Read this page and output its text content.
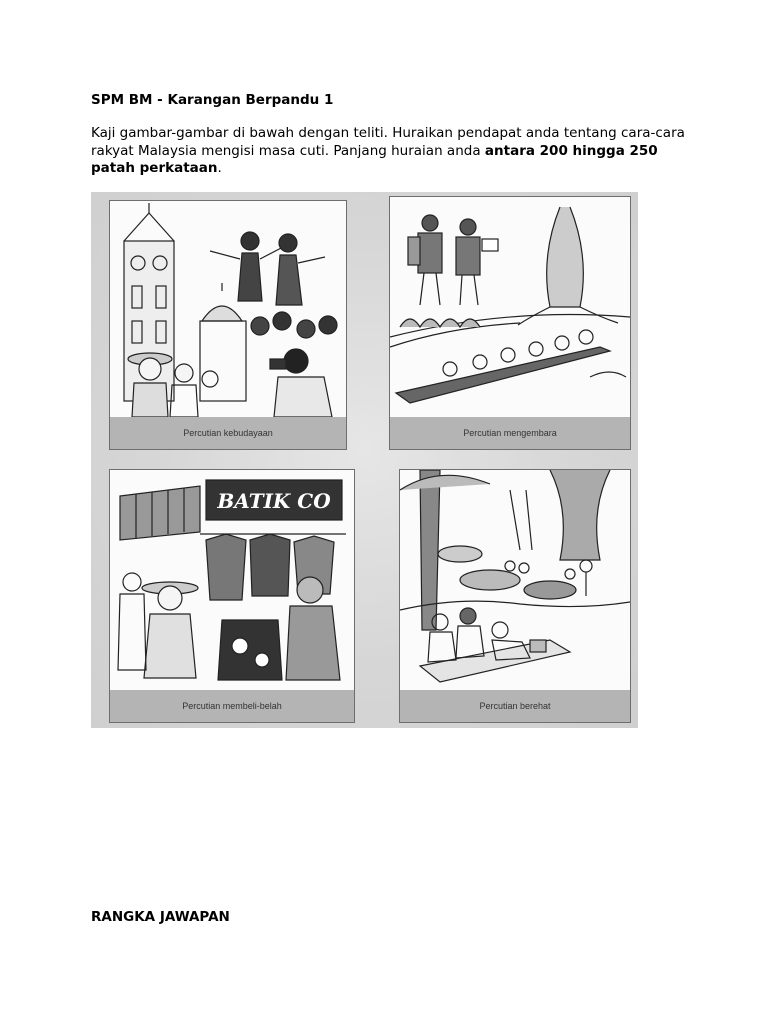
SPM BM - Karangan Berpandu 1

Kaji gambar-gambar di bawah dengan teliti. Huraikan pendapat anda tentang cara-cara rakyat Malaysia mengisi masa cuti. Panjang huraian anda antara 200 hingga 250 patah perkataan.

Percutian kebudayaan	Percutian mengembara
BATIK CO
Percutian membeli-belah	Percutian berehat
RANGKA JAWAPAN
